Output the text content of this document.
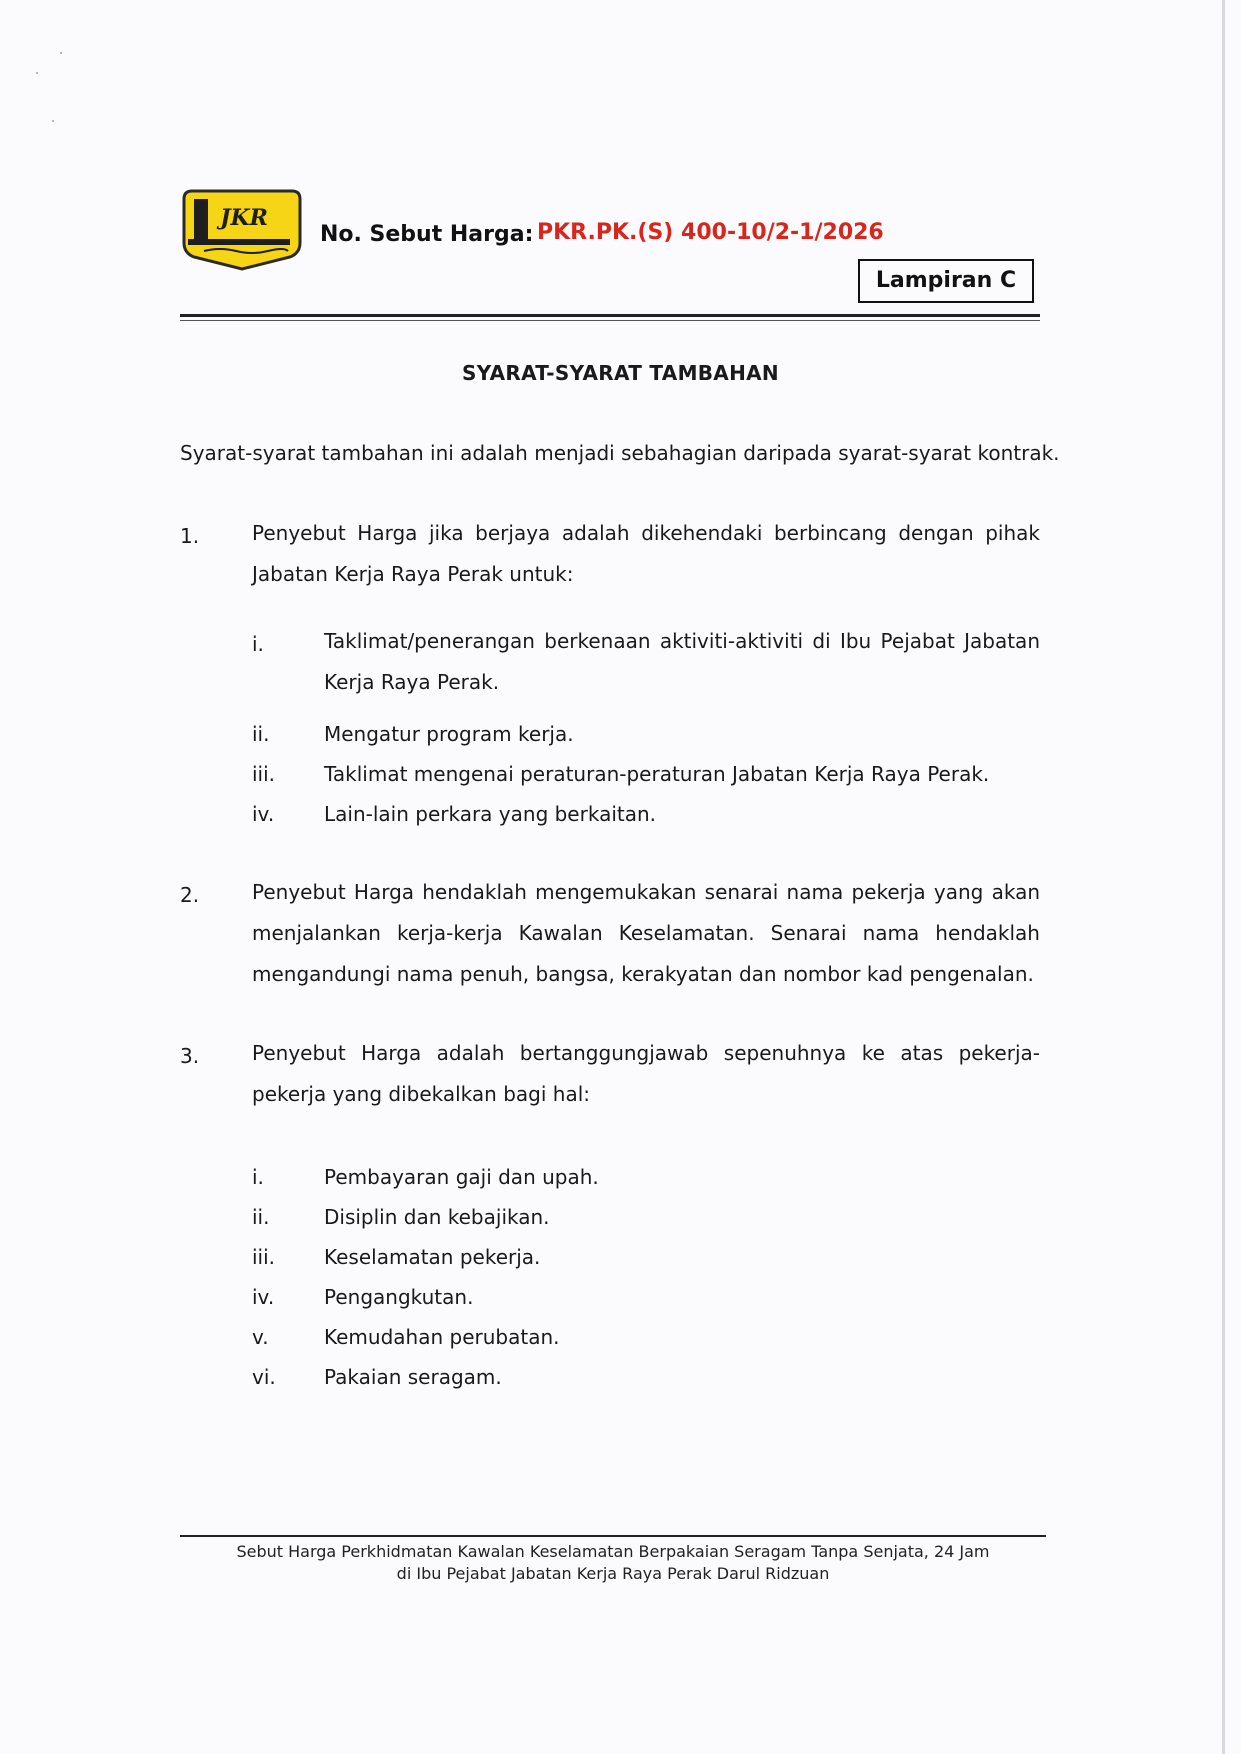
JKR
No. Sebut Harga: PKR.PK.(S) 400-10/2-1/2026
Lampiran C
SYARAT-SYARAT TAMBAHAN
Syarat-syarat tambahan ini adalah menjadi sebahagian daripada syarat-syarat kontrak.
1.	Penyebut Harga jika berjaya adalah dikehendaki berbincang dengan pihak Jabatan Kerja Raya Perak untuk:
i.	Taklimat/penerangan berkenaan aktiviti-aktiviti di Ibu Pejabat Jabatan Kerja Raya Perak.
ii.	Mengatur program kerja.
iii. Taklimat mengenai peraturan-peraturan Jabatan Kerja Raya Perak.
iv. Lain-lain perkara yang berkaitan.
2.	Penyebut Harga hendaklah mengemukakan senarai nama pekerja yang akan menjalankan kerja-kerja Kawalan Keselamatan. Senarai nama hendaklah mengandungi nama penuh, bangsa, kerakyatan dan nombor kad pengenalan.
3.	Penyebut Harga adalah bertanggungjawab sepenuhnya ke atas pekerja-pekerja yang dibekalkan bagi hal:
i.	Pembayaran gaji dan upah.
ii.	Disiplin dan kebajikan.
iii. Keselamatan pekerja.
iv. Pengangkutan.
v.	Kemudahan perubatan.
vi. Pakaian seragam.
Sebut Harga Perkhidmatan Kawalan Keselamatan Berpakaian Seragam Tanpa Senjata, 24 Jam
di Ibu Pejabat Jabatan Kerja Raya Perak Darul Ridzuan
